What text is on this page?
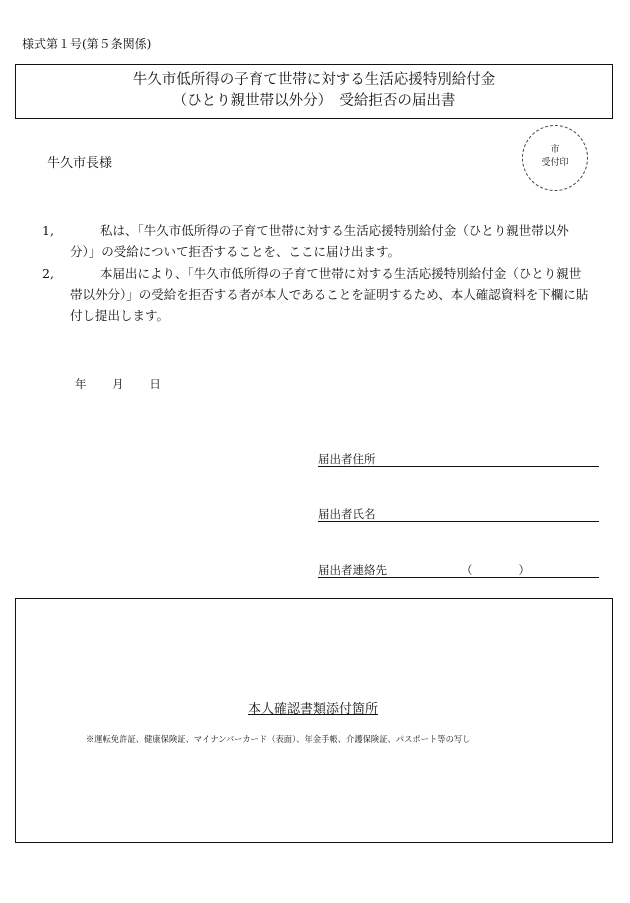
様式第１号(第５条関係)
牛久市低所得の子育て世帯に対する生活応援特別給付金
（ひとり親世帯以外分）　受給拒否の届出書
牛久市長様
市
受付印
1,	私は、「牛久市低所得の子育て世帯に対する生活応援特別給付金（ひとり親世帯以外分）」の受給について拒否することを、ここに届け出ます。
2,	本届出により、「牛久市低所得の子育て世帯に対する生活応援特別給付金（ひとり親世帯以外分）」の受給を拒否する者が本人であることを証明するため、本人確認資料を下欄に貼付し提出します。
年 月 日
届出者住所
届出者氏名
届出者連絡先	（　　　　）
本人確認書類添付箇所
※運転免許証、健康保険証、マイナンバーカード（表面）、年金手帳、介護保険証、パスポート等の写し
